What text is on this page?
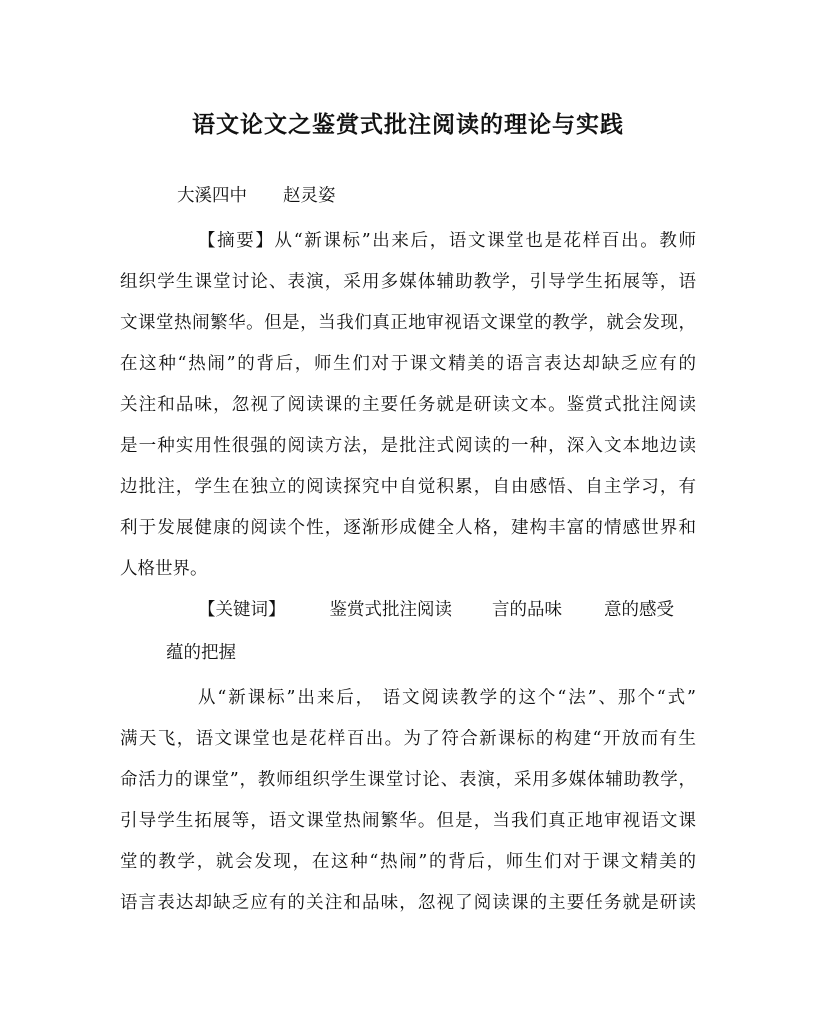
语文论文之鉴赏式批注阅读的理论与实践
大溪四中 赵灵姿
【摘要】从“新课标”出来后，语文课堂也是花样百出。教师
组织学生课堂讨论、表演，采用多媒体辅助教学，引导学生拓展等，语
文课堂热闹繁华。但是，当我们真正地审视语文课堂的教学，就会发现，
在这种“热闹”的背后，师生们对于课文精美的语言表达却缺乏应有的
关注和品味，忽视了阅读课的主要任务就是研读文本。鉴赏式批注阅读
是一种实用性很强的阅读方法，是批注式阅读的一种，深入文本地边读
边批注，学生在独立的阅读探究中自觉积累，自由感悟、自主学习，有
利于发展健康的阅读个性，逐渐形成健全人格，建构丰富的情感世界和
人格世界。
【关键词】	鉴赏式批注阅读 言的品味 意的感受
蕴的把握
从“新课标”出来后， 语文阅读教学的这个“法”、那个“式”
满天飞，语文课堂也是花样百出。为了符合新课标的构建“开放而有生
命活力的课堂”，教师组织学生课堂讨论、表演，采用多媒体辅助教学，
引导学生拓展等，语文课堂热闹繁华。但是，当我们真正地审视语文课
堂的教学，就会发现，在这种“热闹”的背后，师生们对于课文精美的
语言表达却缺乏应有的关注和品味，忽视了阅读课的主要任务就是研读
